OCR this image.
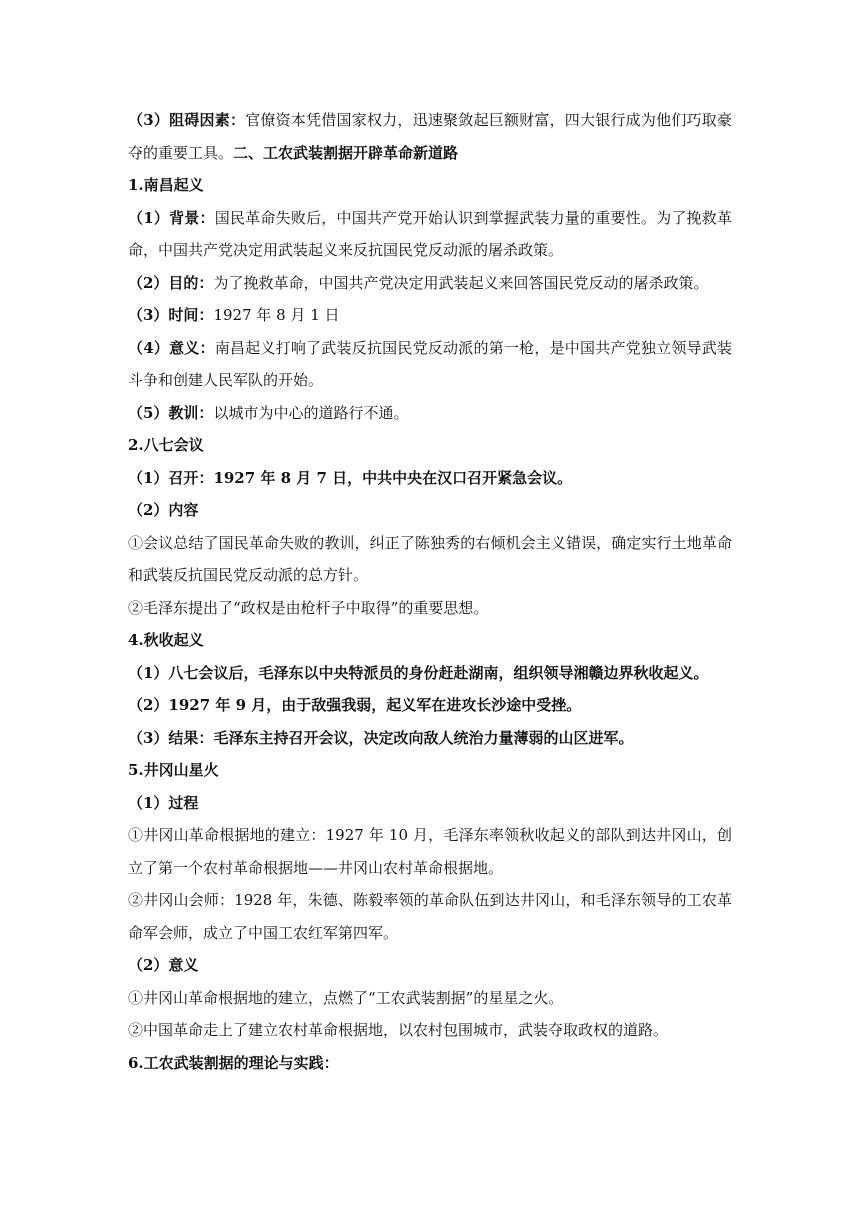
（3）阻碍因素：官僚资本凭借国家权力，迅速聚敛起巨额财富，四大银行成为他们巧取豪夺的重要工具。二、工农武装割据开辟革命新道路

1.南昌起义

（1）背景：国民革命失败后，中国共产党开始认识到掌握武装力量的重要性。为了挽救革命，中国共产党决定用武装起义来反抗国民党反动派的屠杀政策。

（2）目的：为了挽救革命，中国共产党决定用武装起义来回答国民党反动的屠杀政策。

（3）时间：1927 年 8 月 1 日

（4）意义：南昌起义打响了武装反抗国民党反动派的第一枪，是中国共产党独立领导武装斗争和创建人民军队的开始。

（5）教训：以城市为中心的道路行不通。

2.八七会议

（1）召开：1927 年 8 月 7 日，中共中央在汉口召开紧急会议。

（2）内容

①会议总结了国民革命失败的教训，纠正了陈独秀的右倾机会主义错误，确定实行土地革命和武装反抗国民党反动派的总方针。

②毛泽东提出了“政权是由枪杆子中取得”的重要思想。

4.秋收起义

（1）八七会议后，毛泽东以中央特派员的身份赶赴湖南，组织领导湘赣边界秋收起义。

（2）1927 年 9 月，由于敌强我弱，起义军在进攻长沙途中受挫。

（3）结果：毛泽东主持召开会议，决定改向敌人统治力量薄弱的山区进军。

5.井冈山星火

（1）过程

①井冈山革命根据地的建立：1927 年 10 月，毛泽东率领秋收起义的部队到达井冈山，创立了第一个农村革命根据地——井冈山农村革命根据地。

②井冈山会师：1928 年，朱德、陈毅率领的革命队伍到达井冈山，和毛泽东领导的工农革命军会师，成立了中国工农红军第四军。

（2）意义

①井冈山革命根据地的建立，点燃了“工农武装割据”的星星之火。

②中国革命走上了建立农村革命根据地，以农村包围城市，武装夺取政权的道路。

6.工农武装割据的理论与实践：
